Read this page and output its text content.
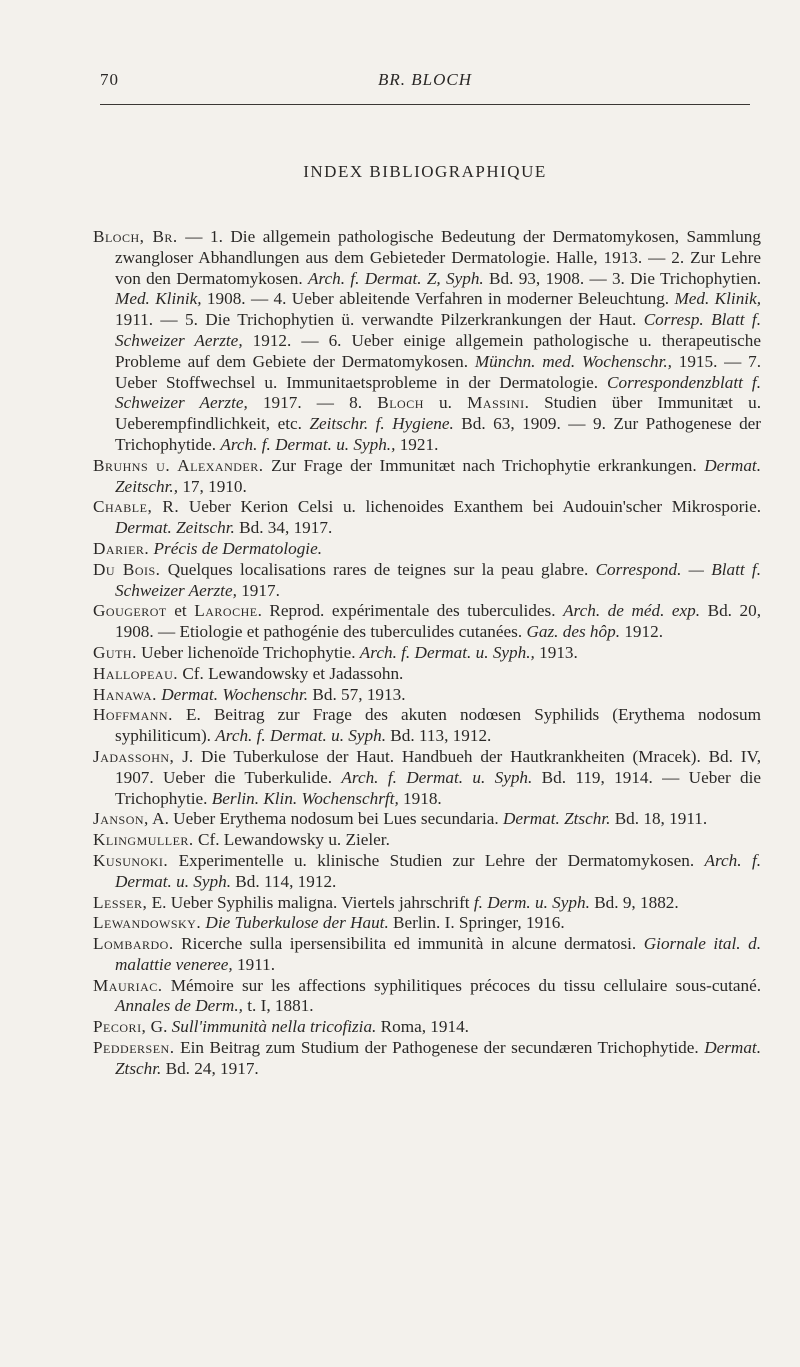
70	BR. BLOCH
INDEX BIBLIOGRAPHIQUE

Bloch, Br. — 1. Die allgemein pathologische Bedeutung der Dermatomykosen, Sammlung zwangloser Abhandlungen aus dem Gebieteder Dermatologie. Halle, 1913. — 2. Zur Lehre von den Dermatomykosen. Arch. f. Dermat. Z, Syph. Bd. 93, 1908. — 3. Die Trichophytien. Med. Klinik, 1908. — 4. Ueber ableitende Verfahren in moderner Beleuchtung. Med. Klinik, 1911. — 5. Die Trichophytien ü. verwandte Pilzerkrankungen der Haut. Corresp. Blatt f. Schweizer Aerzte, 1912. — 6. Ueber einige allgemein pathologische u. therapeutische Probleme auf dem Gebiete der Dermatomykosen. Münchn. med. Wochenschr., 1915. — 7. Ueber Stoffwechsel u. Immunitaetsprobleme in der Dermatologie. Correspondenzblatt f. Schweizer Aerzte, 1917. — 8. Bloch u. Massini. Studien über Immunitæt u. Ueberempfindlichkeit, etc. Zeitschr. f. Hygiene. Bd. 63, 1909. — 9. Zur Pathogenese der Trichophytide. Arch. f. Dermat. u. Syph., 1921.

Bruhns u. Alexander. Zur Frage der Immunitæt nach Trichophytie erkrankungen. Dermat. Zeitschr., 17, 1910.

Chable, R. Ueber Kerion Celsi u. lichenoides Exanthem bei Audouin'scher Mikrosporie. Dermat. Zeitschr. Bd. 34, 1917.

Darier. Précis de Dermatologie.

Du Bois. Quelques localisations rares de teignes sur la peau glabre. Correspond. — Blatt f. Schweizer Aerzte, 1917.

Gougerot et Laroche. Reprod. expérimentale des tuberculides. Arch. de méd. exp. Bd. 20, 1908. — Etiologie et pathogénie des tuberculides cutanées. Gaz. des hôp. 1912.

Guth. Ueber lichenoïde Trichophytie. Arch. f. Dermat. u. Syph., 1913.

Hallopeau. Cf. Lewandowsky et Jadassohn.

Hanawa. Dermat. Wochenschr. Bd. 57, 1913.

Hoffmann. E. Beitrag zur Frage des akuten nodœsen Syphilids (Erythema nodosum syphiliticum). Arch. f. Dermat. u. Syph. Bd. 113, 1912.

Jadassohn, J. Die Tuberkulose der Haut. Handbueh der Hautkrankheiten (Mracek). Bd. IV, 1907. Ueber die Tuberkulide. Arch. f. Dermat. u. Syph. Bd. 119, 1914. — Ueber die Trichophytie. Berlin. Klin. Wochenschrft, 1918.

Janson, A. Ueber Erythema nodosum bei Lues secundaria. Dermat. Ztschr. Bd. 18, 1911.

Klingmuller. Cf. Lewandowsky u. Zieler.

Kusunoki. Experimentelle u. klinische Studien zur Lehre der Dermatomykosen. Arch. f. Dermat. u. Syph. Bd. 114, 1912.

Lesser, E. Ueber Syphilis maligna. Viertels jahrschrift f. Derm. u. Syph. Bd. 9, 1882.

Lewandowsky. Die Tuberkulose der Haut. Berlin. I. Springer, 1916.

Lombardo. Ricerche sulla ipersensibilita ed immunità in alcune dermatosi. Giornale ital. d. malattie veneree, 1911.

Mauriac. Mémoire sur les affections syphilitiques précoces du tissu cellulaire sous-cutané. Annales de Derm., t. I, 1881.

Pecori, G. Sull'immunità nella tricofizia. Roma, 1914.

Peddersen. Ein Beitrag zum Studium der Pathogenese der secundæren Trichophytide. Dermat. Ztschr. Bd. 24, 1917.
